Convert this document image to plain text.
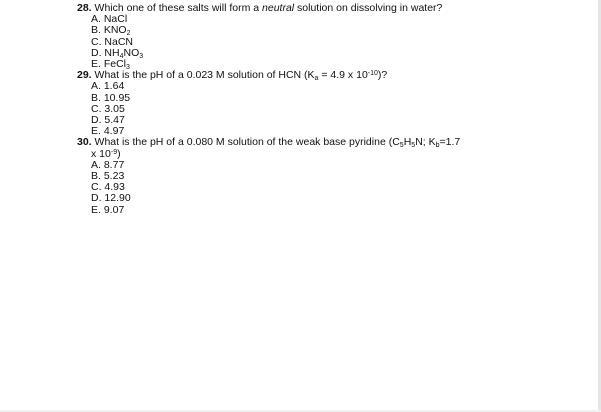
28. Which one of these salts will form a neutral solution on dissolving in water?
A. NaCl
B. $KNO_2$
C. NaCN
D. $NH_4NO_3$
E. FeCl$_3$
29. What is the pH of a 0.023 M solution of HCN ($K_a = 4.9$ x $10^{-10}$)?
A. 1.64
B. 10.95
C. 3.05
D. 5.47
E. 4.97
30. What is the pH of a 0.080 M solution of the weak base pyridine ($C_5H_5N$; $K_b=1.7$
x $10^{-9}$)
A. 8.77
B. 5.23
C. 4.93
D. 12.90
E. 9.07
